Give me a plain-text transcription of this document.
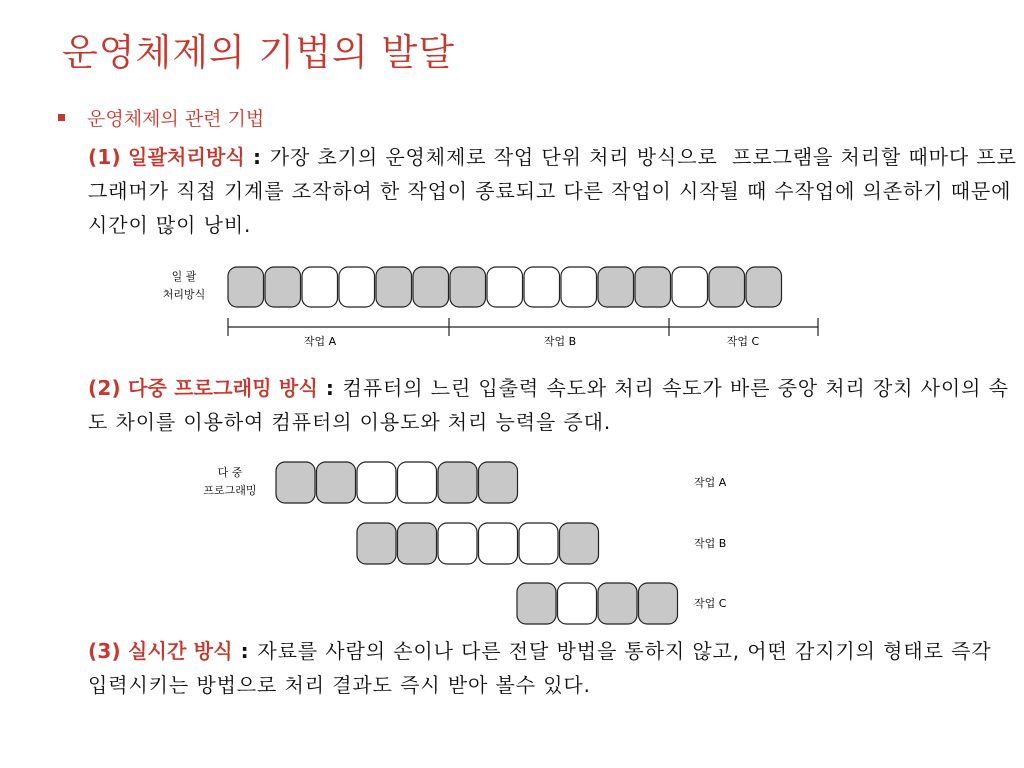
운영체제의 기법의 발달
운영체제의 관련 기법

(1) 일괄처리방식 : 가장 초기의 운영체제로 작업 단위 처리 방식으로  프로그램을 처리할 때마다 프로그래머가 직접 기계를 조작하여 한 작업이 종료되고 다른 작업이 시작될 때 수작업에 의존하기 때문에 시간이 많이 낭비.

일 괄
처리방식
작업 A	작업 B	작업 C

(2) 다중 프로그래밍 방식 : 컴퓨터의 느린 입출력 속도와 처리 속도가 바른 중앙 처리 장치 사이의 속도 차이를 이용하여 컴퓨터의 이용도와 처리 능력을 증대.

다 중
프로그래밍
작업 A
작업 B
작업 C

(3) 실시간 방식 : 자료를 사람의 손이나 다른 전달 방법을 통하지 않고, 어떤 감지기의 형태로 즉각 입력시키는 방법으로 처리 결과도 즉시 받아 볼수 있다.
